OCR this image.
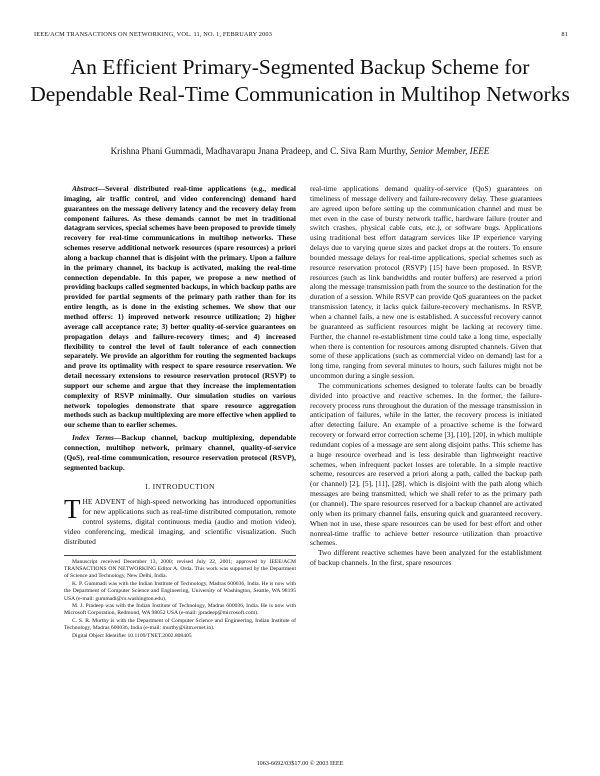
IEEE/ACM TRANSACTIONS ON NETWORKING, VOL. 11, NO. 1, FEBRUARY 2003	81
An Efficient Primary-Segmented Backup Scheme for Dependable Real-Time Communication in Multihop Networks
Krishna Phani Gummadi, Madhavarapu Jnana Pradeep, and C. Siva Ram Murthy, Senior Member, IEEE

Abstract—Several distributed real-time applications (e.g., medical imaging, air traffic control, and video conferencing) demand hard guarantees on the message delivery latency and the recovery delay from component failures. As these demands cannot be met in traditional datagram services, special schemes have been proposed to provide timely recovery for real-time communications in multihop networks. These schemes reserve additional network resources (spare resources) a priori along a backup channel that is disjoint with the primary. Upon a failure in the primary channel, its backup is activated, making the real-time connection dependable. In this paper, we propose a new method of providing backups called segmented backups, in which backup paths are provided for partial segments of the primary path rather than for its entire length, as is done in the existing schemes. We show that our method offers: 1) improved network resource utilization; 2) higher average call acceptance rate; 3) better quality-of-service guarantees on propagation delays and failure-recovery times; and 4) increased flexibility to control the level of fault tolerance of each connection separately. We provide an algorithm for routing the segmented backups and prove its optimality with respect to spare resource reservation. We detail necessary extensions to resource reservation protocol (RSVP) to support our scheme and argue that they increase the implementation complexity of RSVP minimally. Our simulation studies on various network topologies demonstrate that spare resource aggregation methods such as backup multiplexing are more effective when applied to our scheme than to earlier schemes.

Index Terms—Backup channel, backup multiplexing, dependable connection, multihop network, primary channel, quality-of-service (QoS), real-time communication, resource reservation protocol (RSVP), segmented backup.

I. INTRODUCTION

THE ADVENT of high-speed networking has introduced opportunities for new applications such as real-time distributed computation, remote control systems, digital continuous media (audio and motion video), video conferencing, medical imaging, and scientific visualization. Such distributed

Manuscript received December 13, 2000; revised July 22, 2001; approved by IEEE/ACM TRANSACTIONS ON NETWORKING Editor A. Orda. This work was supported by the Department of Science and Technology, New Delhi, India.

K. P. Gummadi was with the Indian Institute of Technology, Madras 600036, India. He is now with the Department of Computer Science and Engineering, University of Washington, Seattle, WA 98195 USA (e-mail: gummadi@cs.washington.edu).

M. J. Pradeep was with the Indian Institute of Technology, Madras 600036, India. He is now with Microsoft Corporation, Redmond, WA 98052 USA (e-mail: jpradeep@microsoft.com).

C. S. R. Murthy is with the Department of Computer Science and Engineering, Indian Institute of Technology, Madras 600036, India (e-mail: murthy@iitm.ernet.in).

Digital Object Identifier 10.1109/TNET.2002.808405

real-time applications demand quality-of-service (QoS) guarantees on timeliness of message delivery and failure-recovery delay. These guarantees are agreed upon before setting up the communication channel and must be met even in the case of bursty network traffic, hardware failure (router and switch crashes, physical cable cuts, etc.), or software bugs. Applications using traditional best effort datagram services like IP experience varying delays due to varying queue sizes and packet drops at the routers. To ensure bounded message delays for real-time applications, special schemes such as resource reservation protocol (RSVP) [15] have been proposed. In RSVP, resources (such as link bandwidths and router buffers) are reserved a priori along the message transmission path from the source to the destination for the duration of a session. While RSVP can provide QoS guarantees on the packet transmission latency, it lacks quick failure-recovery mechanisms. In RSVP, when a channel fails, a new one is established. A successful recovery cannot be guaranteed as sufficient resources might be lacking at recovery time. Further, the channel re-establishment time could take a long time, especially when there is contention for resources among disrupted channels. Given that some of these applications (such as commercial video on demand) last for a long time, ranging from several minutes to hours, such failures might not be uncommon during a single session.

The communications schemes designed to tolerate faults can be broadly divided into proactive and reactive schemes. In the former, the failure-recovery process runs throughout the duration of the message transmission in anticipation of failures, while in the latter, the recovery process is initiated after detecting failure. An example of a proactive scheme is the forward recovery or forward error correction scheme [3], [10], [20], in which multiple redundant copies of a message are sent along disjoint paths. This scheme has a huge resource overhead and is less desirable than lightweight reactive schemes, when infrequent packet losses are tolerable. In a simple reactive scheme, resources are reserved a priori along a path, called the backup path (or channel) [2], [5], [11], [28], which is disjoint with the path along which messages are being transmitted, which we shall refer to as the primary path (or channel). The spare resources reserved for a backup channel are activated only when its primary channel fails, ensuring quick and guaranteed recovery. When not in use, these spare resources can be used for best effort and other nonreal-time traffic to achieve better resource utilization than proactive schemes.

Two different reactive schemes have been analyzed for the establishment of backup channels. In the first, spare resources

1063-6692/03$17.00 © 2003 IEEE
